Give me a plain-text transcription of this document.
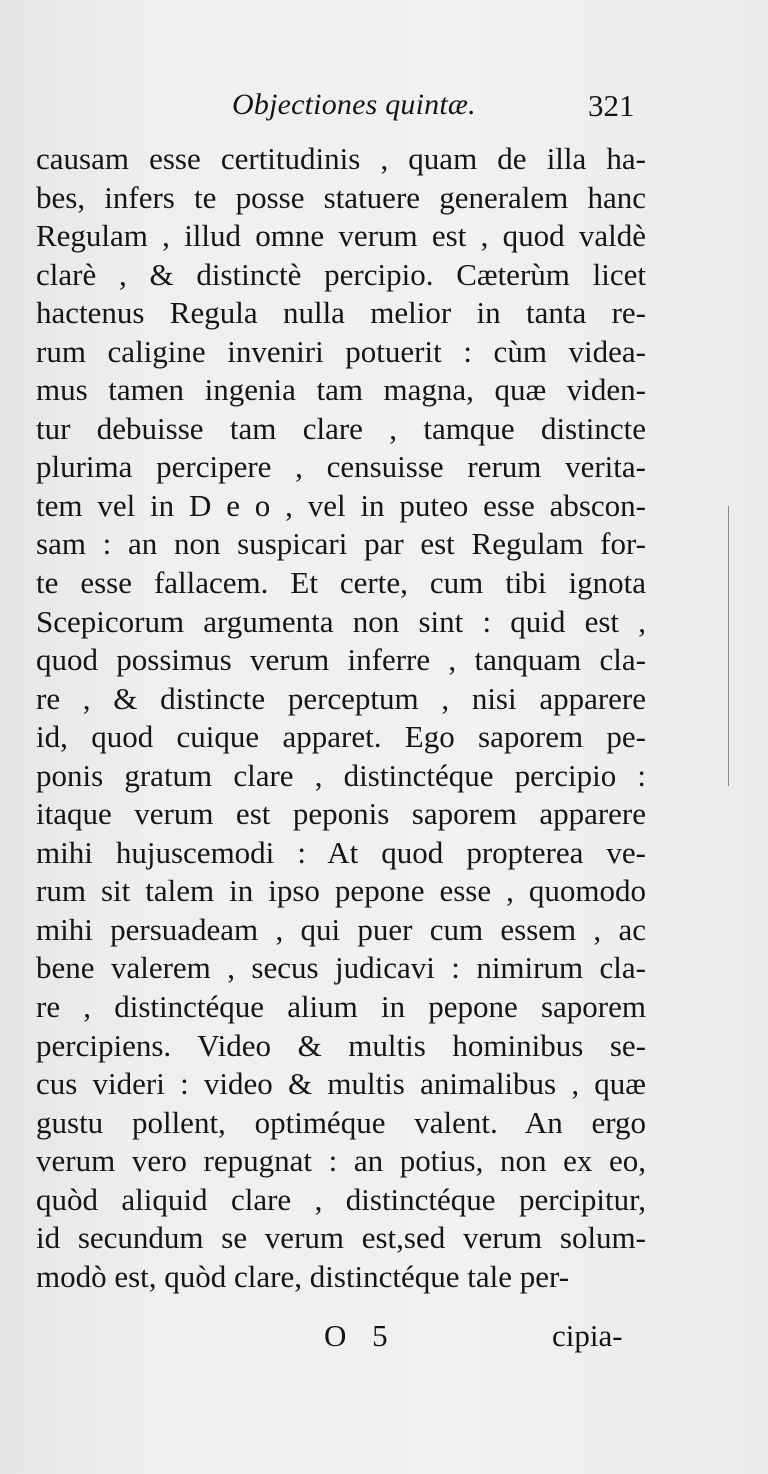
Objectiones quintæ.	321
causam esse certitudinis , quam de illa ha-
bes, infers te posse statuere generalem hanc
Regulam , illud omne verum est , quod valdè
clarè , & distinctè percipio. Cæterùm licet
hactenus Regula nulla melior in tanta re-
rum caligine inveniri potuerit : cùm videa-
mus tamen ingenia tam magna, quæ viden-
tur debuisse tam clare , tamque distincte
plurima percipere , censuisse rerum verita-
tem vel in D e o , vel in puteo esse abscon-
sam : an non suspicari par est Regulam for-
te esse fallacem. Et certe, cum tibi ignota
Scepicorum argumenta non sint : quid est ,
quod possimus verum inferre , tanquam cla-
re , & distincte perceptum , nisi apparere
id, quod cuique apparet. Ego saporem pe-
ponis gratum clare , distinctéque percipio :
itaque verum est peponis saporem apparere
mihi hujuscemodi : At quod propterea ve-
rum sit talem in ipso pepone esse , quomodo
mihi persuadeam , qui puer cum essem , ac
bene valerem , secus judicavi : nimirum cla-
re , distinctéque alium in pepone saporem
percipiens. Video & multis hominibus se-
cus videri : video & multis animalibus , quæ
gustu pollent, optiméque valent. An ergo
verum vero repugnat : an potius, non ex eo,
quòd aliquid clare , distinctéque percipitur,
id secundum se verum est,sed verum solum-
modò est, quòd clare, distinctéque tale per-
O 5	cipia-
